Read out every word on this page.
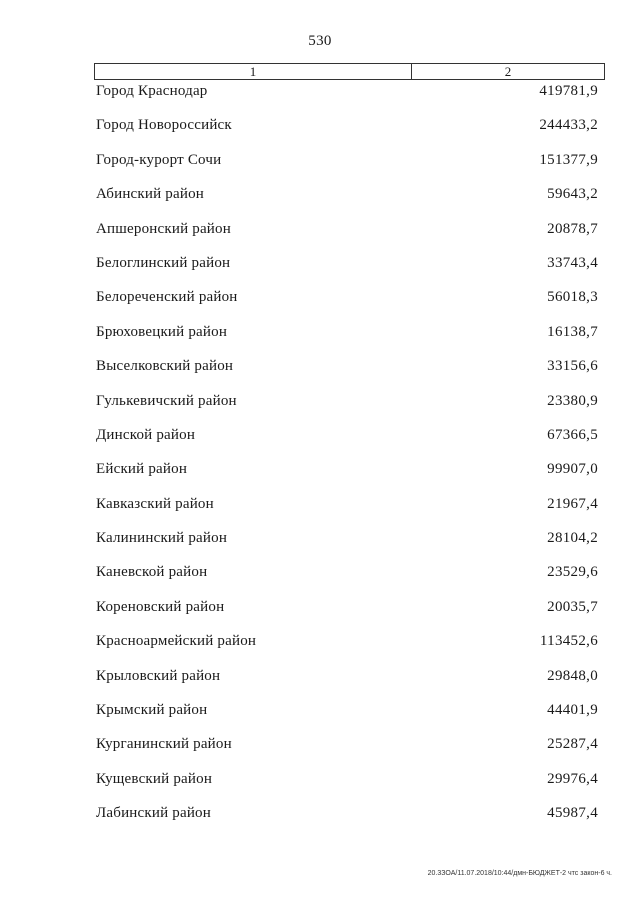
530
1	2
Город Краснодар	419781,9
Город Новороссийск	244433,2
Город-курорт Сочи	151377,9
Абинский район	59643,2
Апшеронский район	20878,7
Белоглинский район	33743,4
Белореченский район	56018,3
Брюховецкий район	16138,7
Выселковский район	33156,6
Гулькевичский район	23380,9
Динской район	67366,5
Ейский район	99907,0
Кавказский район	21967,4
Калининский район	28104,2
Каневской район	23529,6
Кореновский район	20035,7
Красноармейский район	113452,6
Крыловский район	29848,0
Крымский район	44401,9
Курганинский район	25287,4
Кущевский район	29976,4
Лабинский район	45987,4
20.3ЗОА/11.07.2018/10:44/дмн-БЮДЖЕТ-2 чтс закон-6 ч.
